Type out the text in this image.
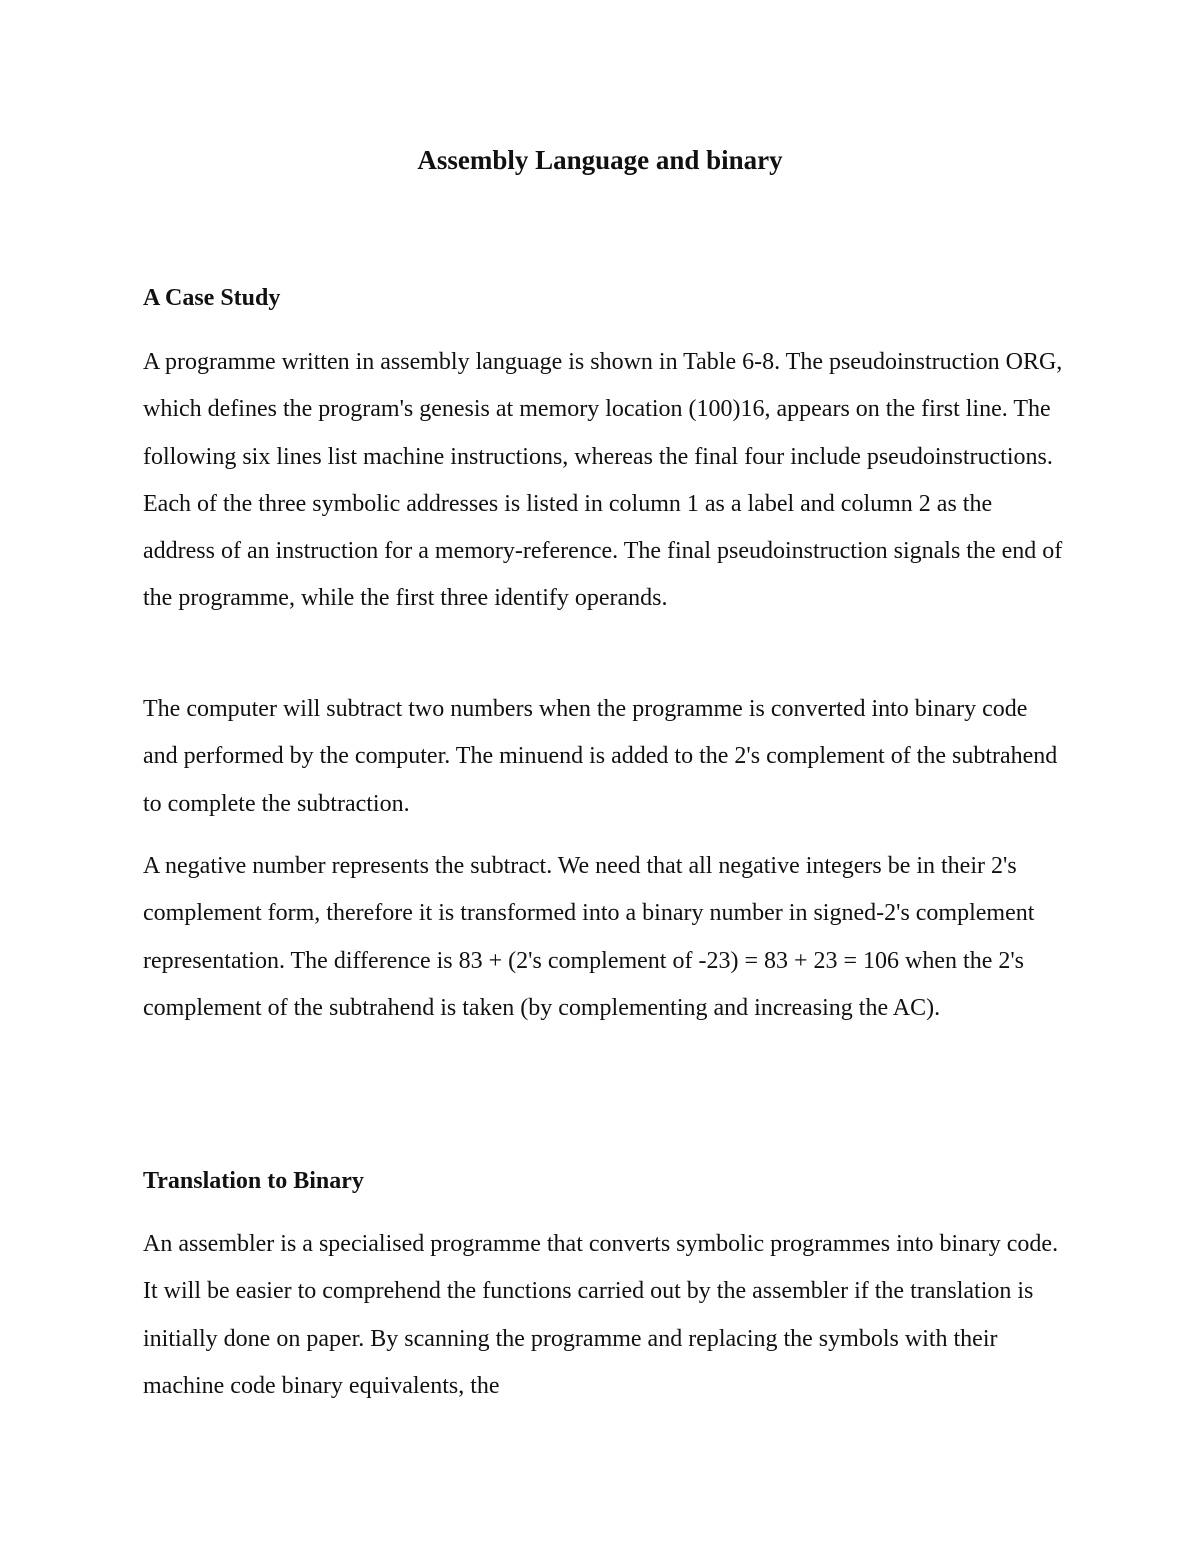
Assembly Language and binary
A Case Study

A programme written in assembly language is shown in Table 6-8. The pseudoinstruction ORG, which defines the program's genesis at memory location (100)16, appears on the first line. The following six lines list machine instructions, whereas the final four include pseudoinstructions. Each of the three symbolic addresses is listed in column 1 as a label and column 2 as the address of an instruction for a memory-reference. The final pseudoinstruction signals the end of the programme, while the first three identify operands.

The computer will subtract two numbers when the programme is converted into binary code and performed by the computer. The minuend is added to the 2's complement of the subtrahend to complete the subtraction.

A negative number represents the subtract. We need that all negative integers be in their 2's complement form, therefore it is transformed into a binary number in signed-2's complement representation. The difference is 83 + (2's complement of -23) = 83 + 23 = 106 when the 2's complement of the subtrahend is taken (by complementing and increasing the AC).

Translation to Binary

An assembler is a specialised programme that converts symbolic programmes into binary code. It will be easier to comprehend the functions carried out by the assembler if the translation is initially done on paper. By scanning the programme and replacing the symbols with their machine code binary equivalents, the
